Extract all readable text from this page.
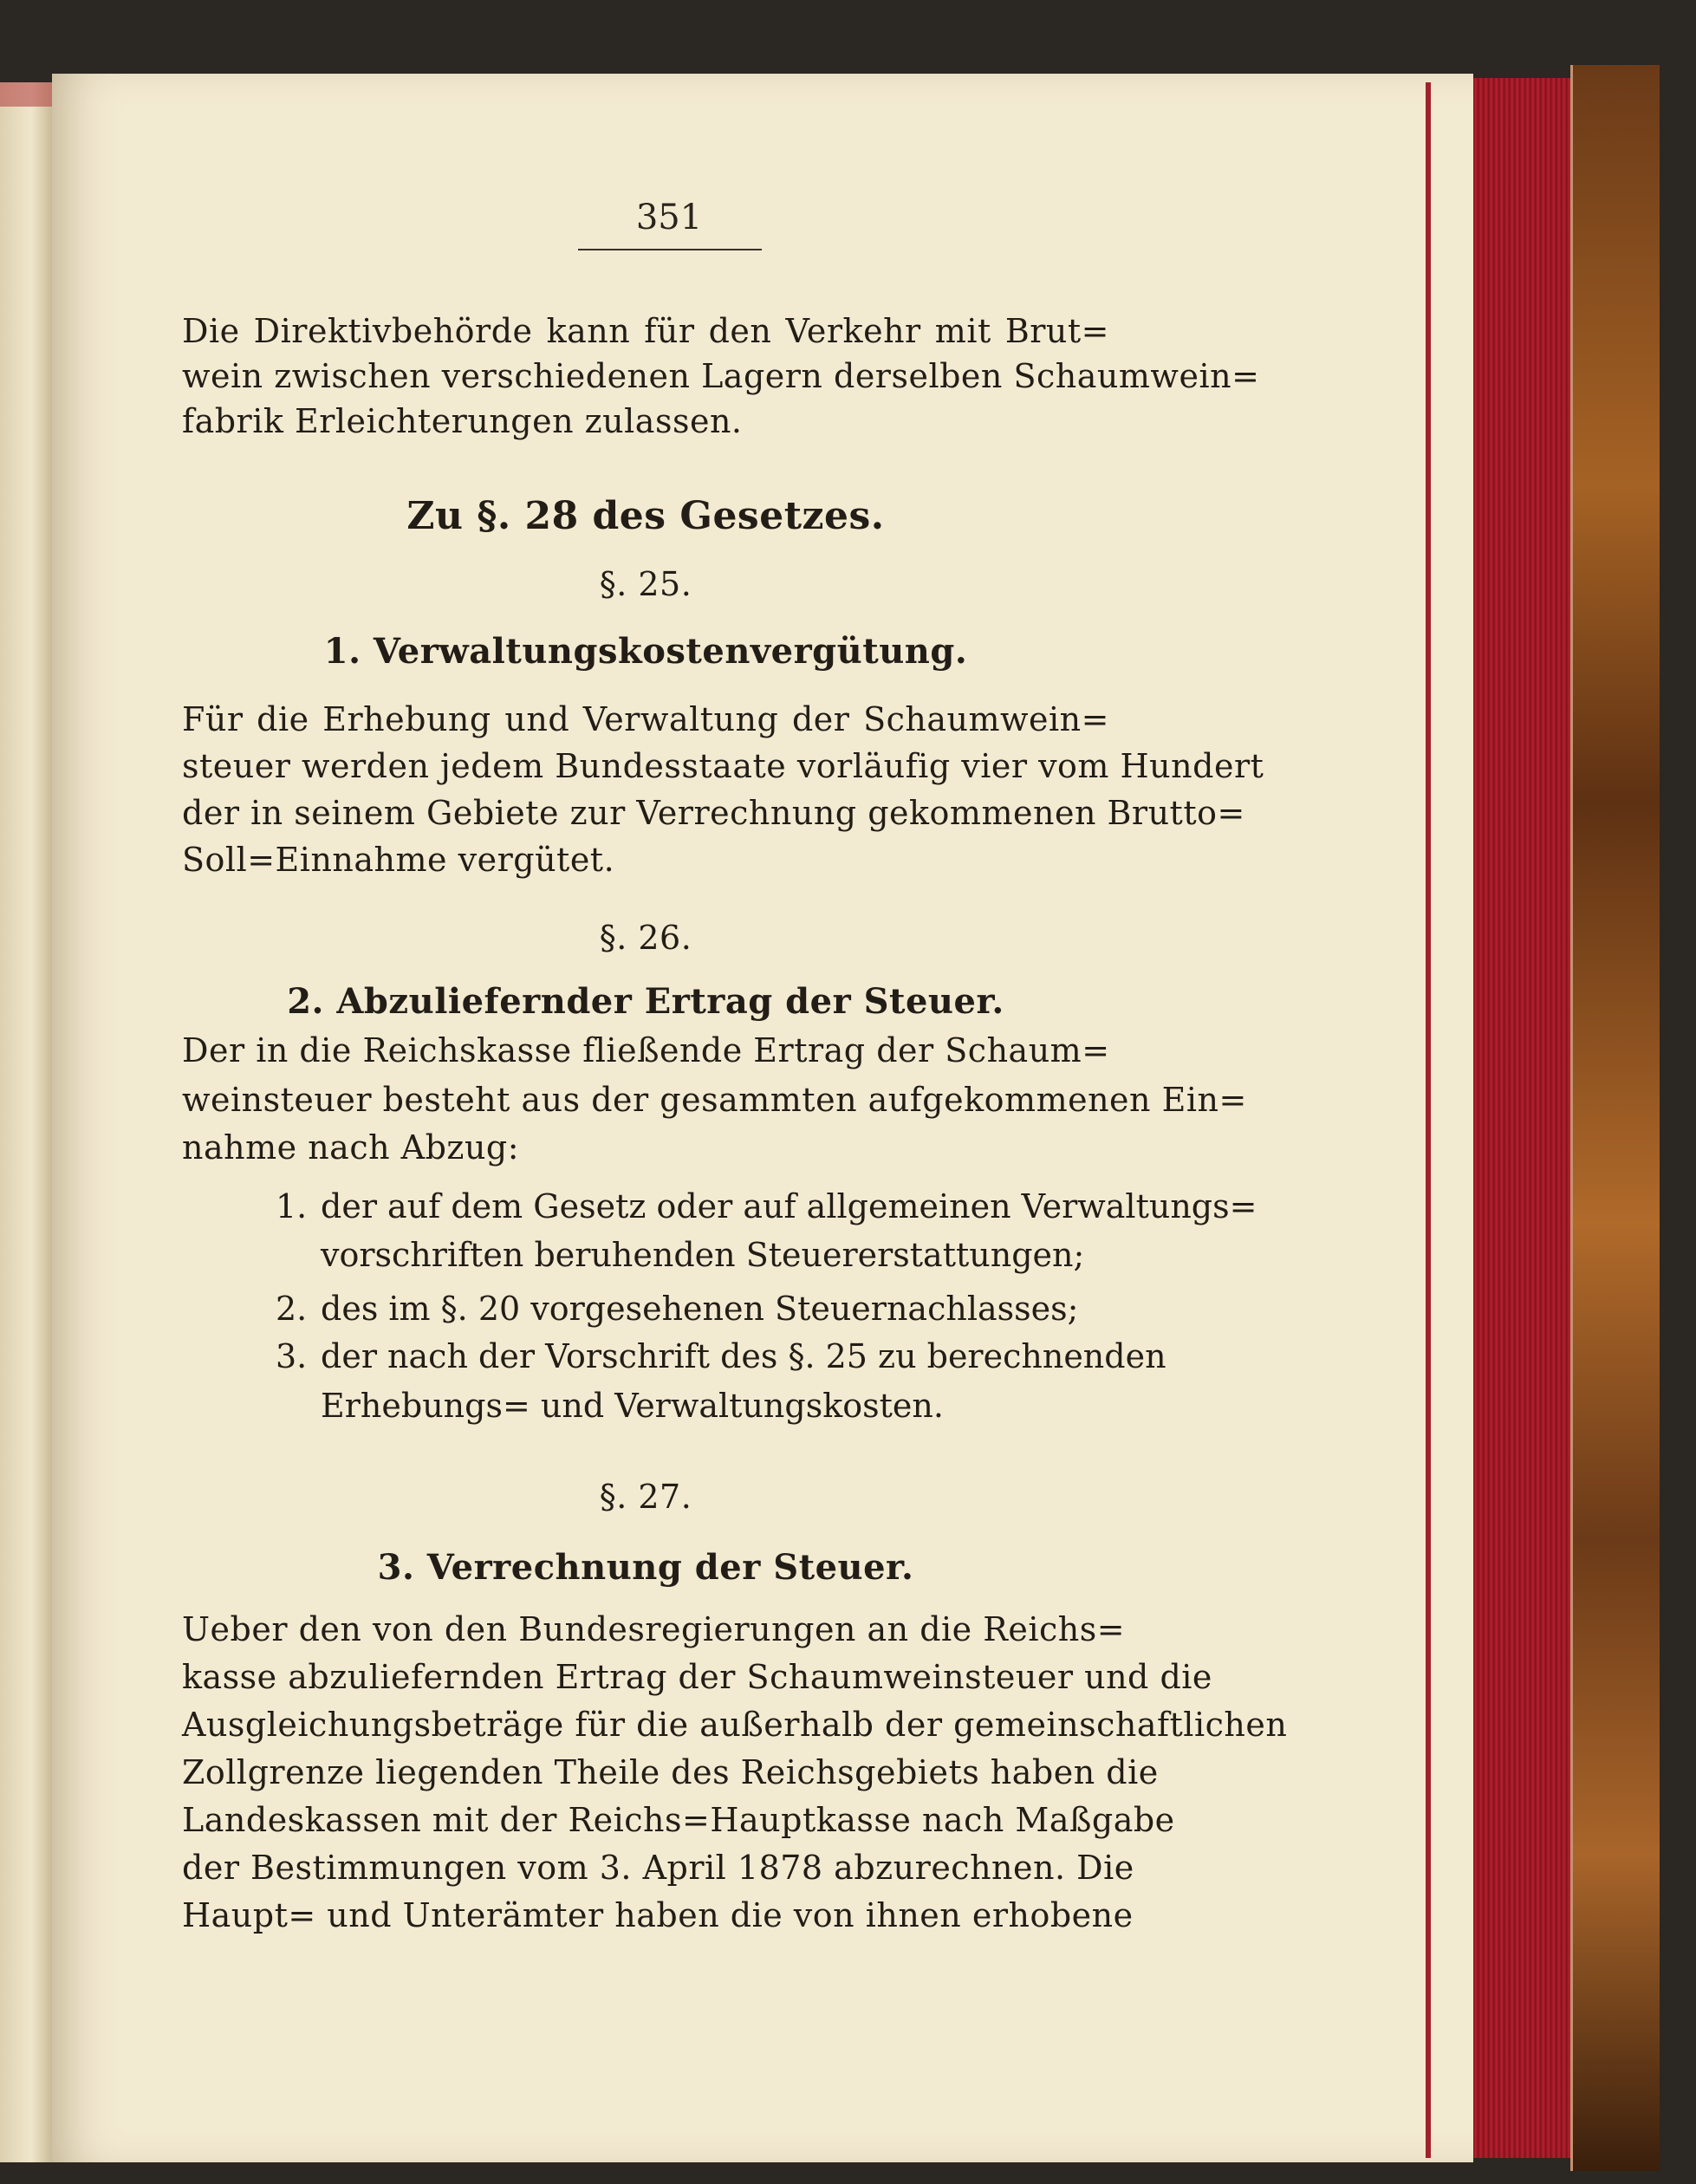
351
Die Direktivbehörde kann für den Verkehr mit Brut=
wein zwischen verschiedenen Lagern derselben Schaumwein=
fabrik Erleichterungen zulassen.
Zu §. 28 des Gesetzes.
§. 25.
1. Verwaltungskostenvergütung.
Für die Erhebung und Verwaltung der Schaumwein=
steuer werden jedem Bundesstaate vorläufig vier vom Hundert
der in seinem Gebiete zur Verrechnung gekommenen Brutto=
Soll=Einnahme vergütet.
§. 26.
2. Abzuliefernder Ertrag der Steuer.
Der in die Reichskasse fließende Ertrag der Schaum=
weinsteuer besteht aus der gesammten aufgekommenen Ein=
nahme nach Abzug:
1. der auf dem Gesetz oder auf allgemeinen Verwaltungs=
vorschriften beruhenden Steuererstattungen;
2. des im §. 20 vorgesehenen Steuernachlasses;
3. der nach der Vorschrift des §. 25 zu berechnenden
Erhebungs= und Verwaltungskosten.
§. 27.
3. Verrechnung der Steuer.
Ueber den von den Bundesregierungen an die Reichs=
kasse abzuliefernden Ertrag der Schaumweinsteuer und die
Ausgleichungsbeträge für die außerhalb der gemeinschaftlichen
Zollgrenze liegenden Theile des Reichsgebiets haben die
Landeskassen mit der Reichs=Hauptkasse nach Maßgabe
der Bestimmungen vom 3. April 1878 abzurechnen. Die
Haupt= und Unterämter haben die von ihnen erhobene
